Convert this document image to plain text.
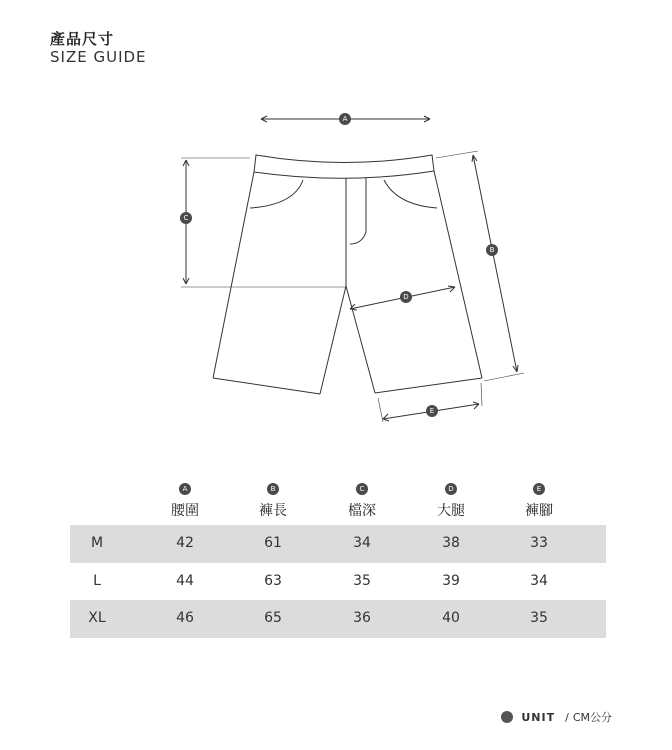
產品尺寸
SIZE GUIDE
A
B
C
D
E
A
腰圍
B
褲長
C
檔深
D
大腿
E
褲腳
M	42	61	34	38	33
L	44	63	35	39	34
XL	46	65	36	40	35
UNIT / CM公分
